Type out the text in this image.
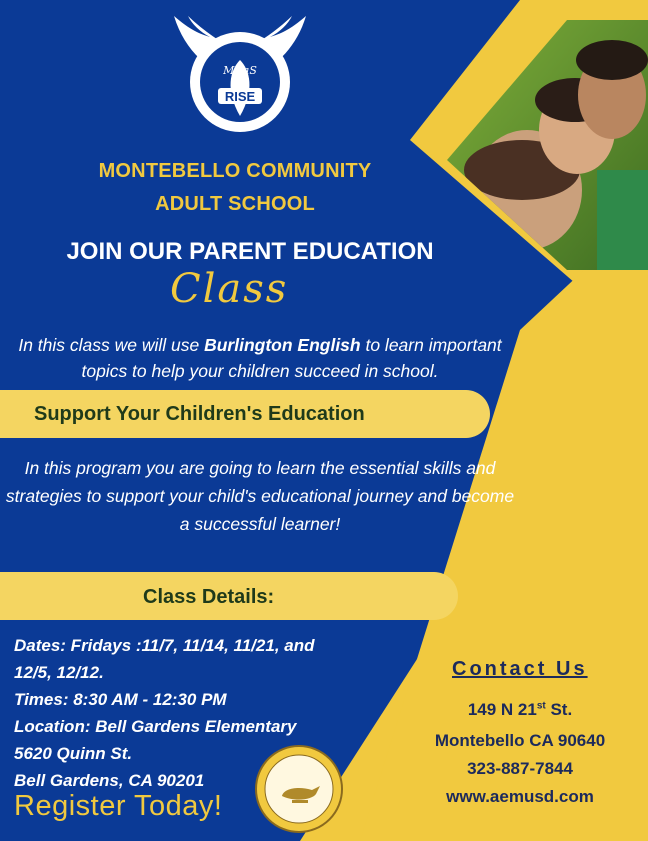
RISE
MCaS
MONTEBELLO COMMUNITY
ADULT SCHOOL
JOIN OUR PARENT EDUCATION
Class
In this class we will use Burlington English to learn important topics to help your children succeed in school.
Support Your Children's Education
In this program you are going to learn the essential skills and strategies to support your child's educational journey and become a successful learner!
Class Details:
Dates: Fridays :11/7, 11/14, 11/21, and
12/5, 12/12.
Times: 8:30 AM - 12:30 PM
Location: Bell Gardens Elementary
5620 Quinn St.
Bell Gardens, CA 90201
Register Today!
Contact Us
149 N 21st St.
Montebello CA 90640
323-887-7844
www.aemusd.com
